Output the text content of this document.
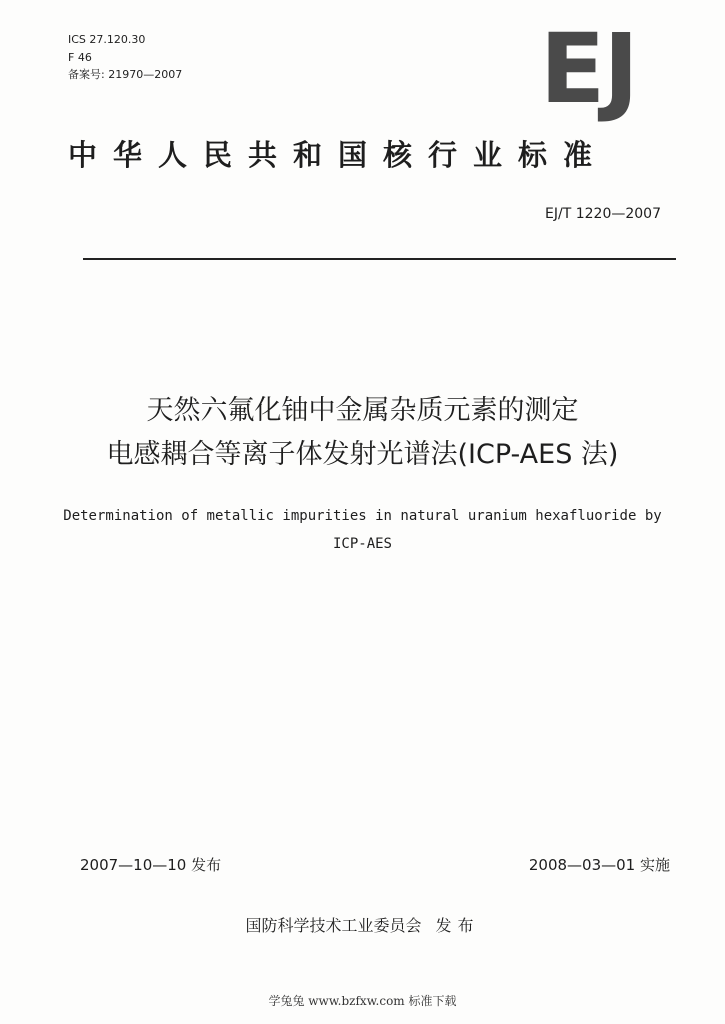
ICS 27.120.30
F 46
备案号: 21970—2007	EJ
中华人民共和国核行业标准
EJ/T 1220—2007
天然六氟化铀中金属杂质元素的测定
电感耦合等离子体发射光谱法(ICP-AES 法)
Determination of metallic impurities in natural uranium hexafluoride by
ICP-AES
2007—10—10 发布	2008—03—01 实施
国防科学技术工业委员会 发布
学兔兔 www.bzfxw.com 标准下载
